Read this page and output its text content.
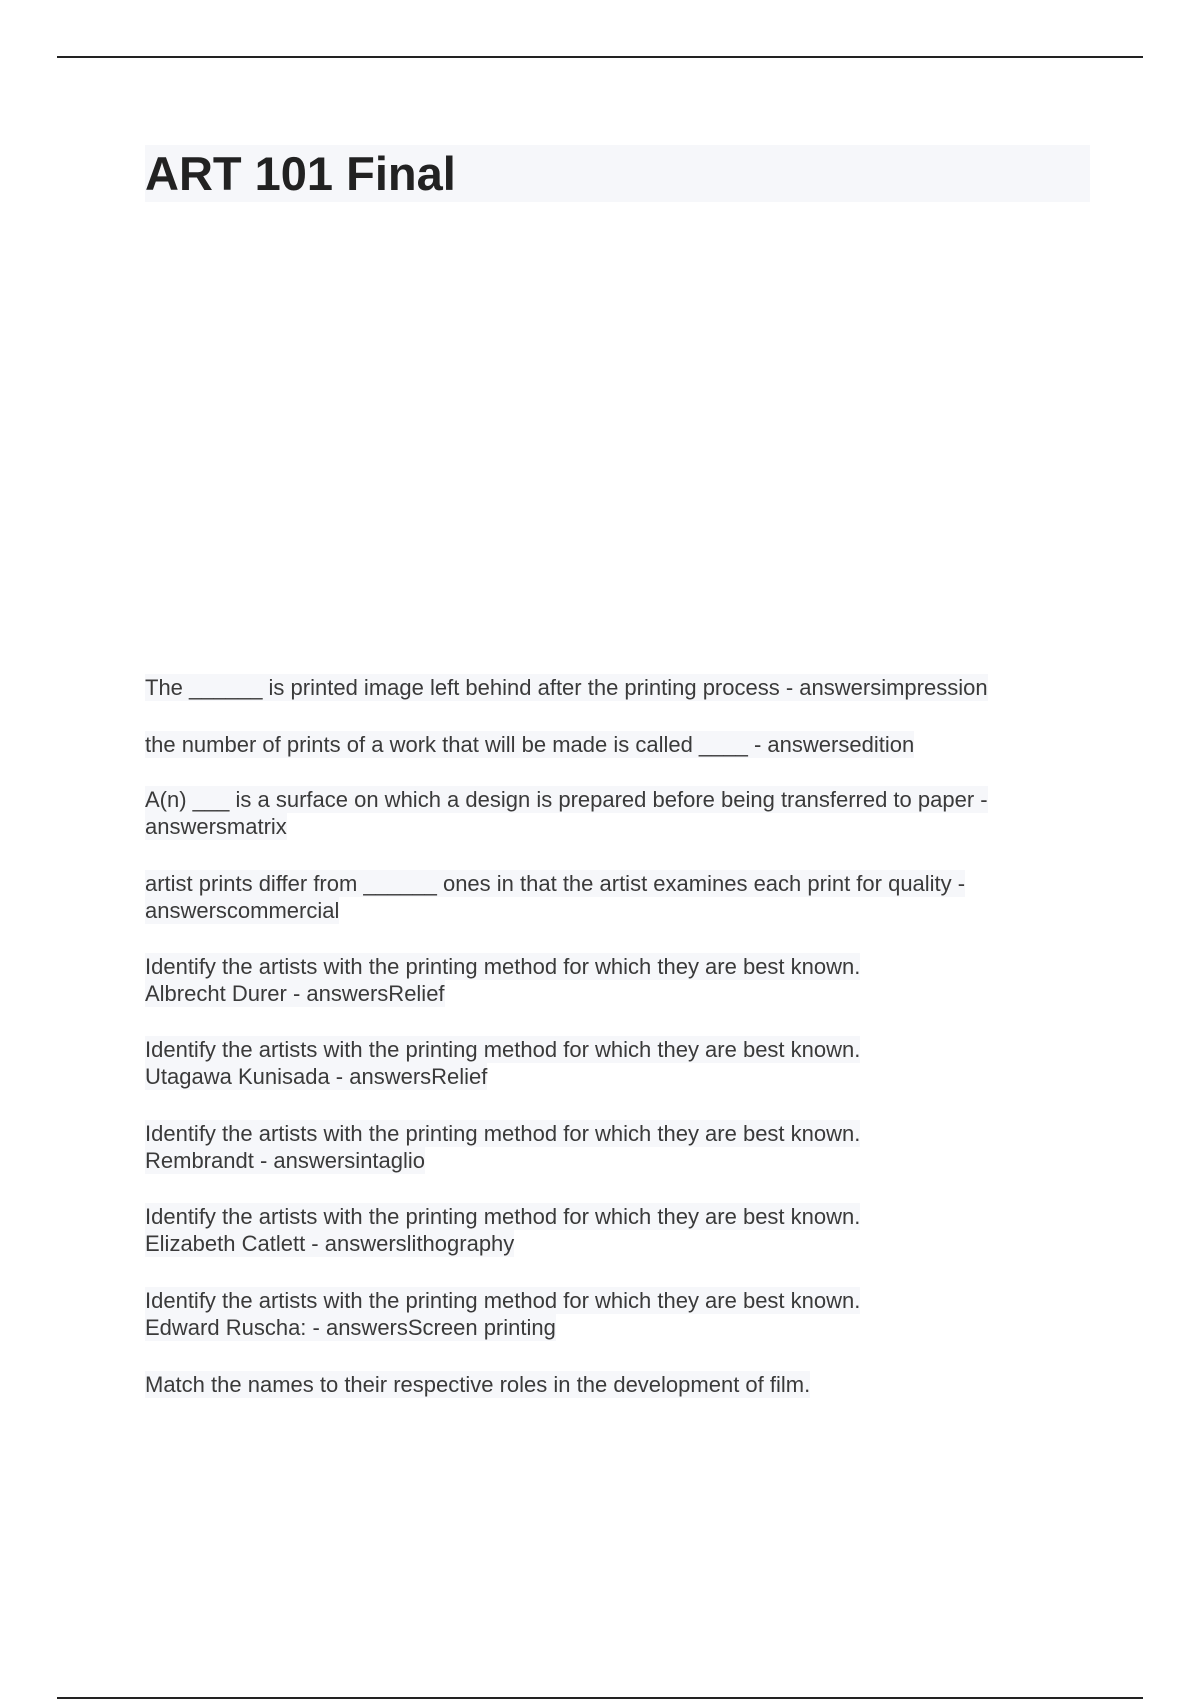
ART 101 Final
The ______ is printed image left behind after the printing process - answersimpression
the number of prints of a work that will be made is called ____ - answersedition
A(n) ___ is a surface on which a design is prepared before being transferred to paper -
answersmatrix
artist prints differ from ______ ones in that the artist examines each print for quality -
answerscommercial
Identify the artists with the printing method for which they are best known.
Albrecht Durer - answersRelief
Identify the artists with the printing method for which they are best known.
Utagawa Kunisada - answersRelief
Identify the artists with the printing method for which they are best known.
Rembrandt - answersintaglio
Identify the artists with the printing method for which they are best known.
Elizabeth Catlett - answerslithography
Identify the artists with the printing method for which they are best known.
Edward Ruscha: - answersScreen printing
Match the names to their respective roles in the development of film.
